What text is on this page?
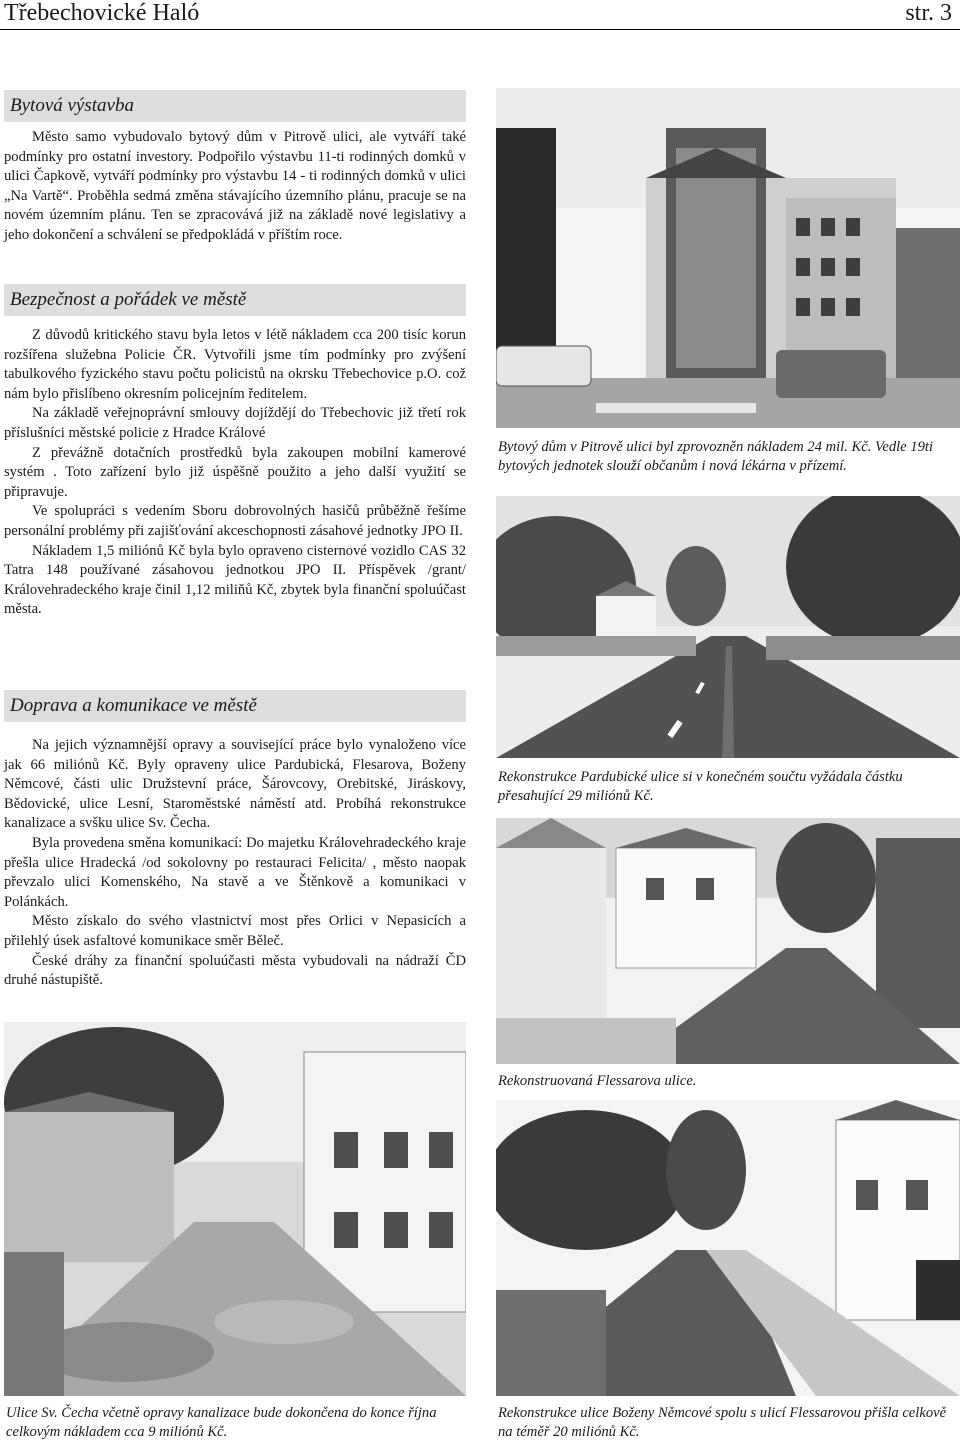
Třebechovické Haló	str. 3
Bytová výstavba

Město samo vybudovalo bytový dům v Pitrově ulici, ale vytváří také podmínky pro ostatní investory. Podpořilo výstavbu 11-ti rodinných domků v ulici Čapkově, vytváří podmínky pro výstavbu 14 - ti rodinných domků v ulici „Na Vartě“. Proběhla sedmá změna stávajícího územního plánu, pracuje se na novém územním plánu. Ten se zpracovává již na základě nové legislativy a jeho dokončení a schválení se předpokládá v příštím roce.

Bezpečnost a pořádek ve městě

Z důvodů kritického stavu byla letos v létě nákladem cca 200 tisíc korun rozšířena služebna Policie ČR. Vytvořili jsme tím podmínky pro zvýšení tabulkového fyzického stavu počtu policistů na okrsku Třebechovice p.O. což nám bylo přislíbeno okresním policejním ředitelem.

Na základě veřejnoprávní smlouvy dojíždějí do Třebechovic již třetí rok příslušníci městské policie z Hradce Králové

Z převážně dotačních prostředků byla zakoupen mobilní kamerové systém . Toto zařízení bylo již úspěšně použito a jeho další využití se připravuje.

Ve spolupráci s vedením Sboru dobrovolných hasičů průběžně řešíme personální problémy při zajišťování akceschopnosti zásahové jednotky JPO II.

Nákladem 1,5 miliónů Kč byla bylo opraveno cisternové vozidlo CAS 32 Tatra 148 používané zásahovou jednotkou JPO II. Příspěvek /grant/ Královehradeckého kraje činil 1,12 miliňů Kč, zbytek byla finanční spoluúčast města.

Doprava a komunikace ve městě

Na jejich významnější opravy a související práce bylo vynaloženo více jak 66 miliónů Kč. Byly opraveny ulice Pardubická, Flesarova, Boženy Němcové, části ulic Družstevní práce, Šárovcovy, Orebitské, Jiráskovy, Bědovické, ulice Lesní, Staroměstské náměstí atd. Probíhá rekonstrukce kanalizace a svšku ulice Sv. Čecha.

Byla provedena směna komunikací: Do majetku Královehradeckého kraje přešla ulice Hradecká /od sokolovny po restauraci Felicita/ , město naopak převzalo ulici Komenského, Na stavě a ve Štěnkově a komunikaci v Polánkách.

Město získalo do svého vlastnictví most přes Orlici v Nepasicích a přilehlý úsek asfaltové komunikace směr Běleč.

České dráhy za finanční spoluúčasti města vybudovali na nádraží ČD druhé nástupiště.

Bytový dům v Pitrově ulici byl zprovozněn nákladem 24 mil. Kč. Vedle 19ti bytových jednotek slouží občanům i nová lékárna v přízemí.
Rekonstrukce Pardubické ulice si v konečném součtu vyžádala částku přesahující 29 miliónů Kč.
Rekonstruovaná Flessarova ulice.
Ulice Sv. Čecha včetně opravy kanalizace bude dokončena do konce října celkovým nákladem cca 9 miliónů Kč.
Rekonstrukce ulice Boženy Němcové spolu s ulicí Flessarovou přišla celkově na téměř 20 miliónů Kč.
